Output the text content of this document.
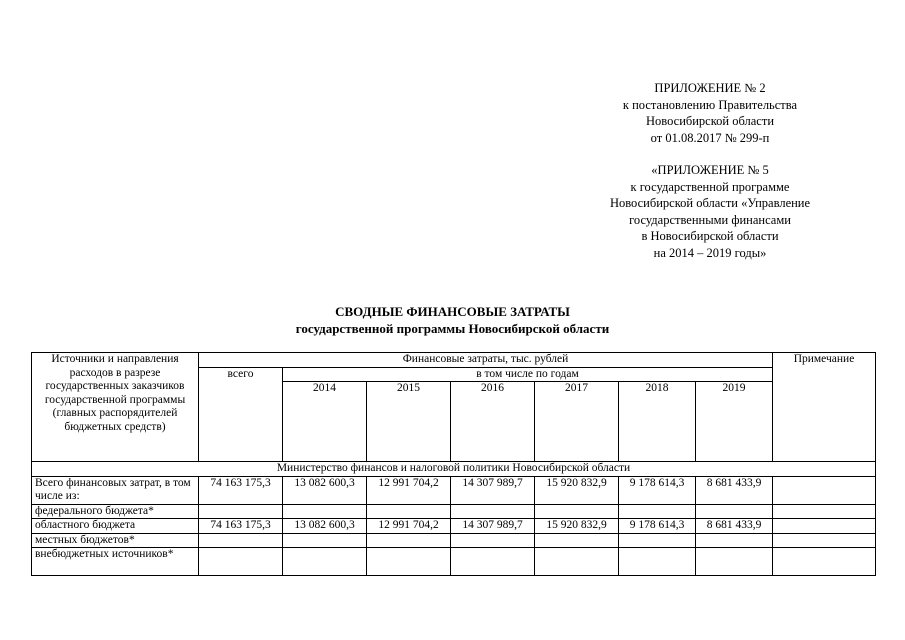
ПРИЛОЖЕНИЕ № 2
к постановлению Правительства
Новосибирской области
от 01.08.2017 № 299-п
«ПРИЛОЖЕНИЕ № 5
к государственной программе
Новосибирской области «Управление
государственными финансами
в Новосибирской области
на 2014 – 2019 годы»
СВОДНЫЕ ФИНАНСОВЫЕ ЗАТРАТЫ
государственной программы Новосибирской области
Источники и направления расходов в разрезе государственных заказчиков государственной программы (главных распорядителей бюджетных средств)	Финансовые затраты, тыс. рублей							Примечание
	всего	в том числе по годам						
		2014	2015	2016	2017	2018	2019	
Министерство финансов и налоговой политики Новосибирской области								
Всего финансовых затрат, в том числе из:	74 163 175,3	13 082 600,3	12 991 704,2	14 307 989,7	15 920 832,9	9 178 614,3	8 681 433,9	
федерального бюджета*								
областного бюджета	74 163 175,3	13 082 600,3	12 991 704,2	14 307 989,7	15 920 832,9	9 178 614,3	8 681 433,9	
местных бюджетов*								
внебюджетных источников*								
